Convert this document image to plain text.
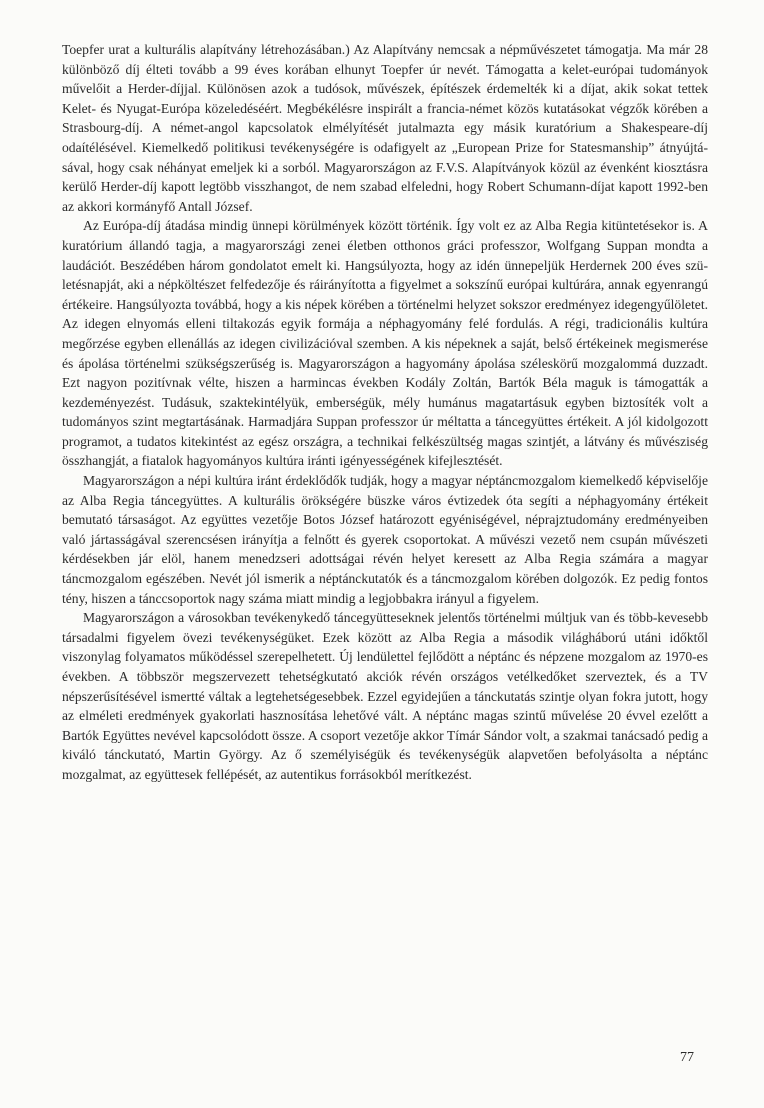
Toepfer urat a kulturális alapítvány létrehozásában.) Az Alapítvány nemcsak a népművészetet támogatja. Ma már 28 különböző díj élteti tovább a 99 éves korában elhunyt Toepfer úr nevét. Támogatta a kelet-európai tudományok művelőit a Herder-díjjal. Különösen azok a tudósok, művészek, építészek érdemelték ki a díjat, akik sokat tettek Kelet- és Nyugat-Európa közeledéséért. Megbékélésre inspirált a francia-német közös kutatásokat végzők körében a Strasbourg-díj. A német-angol kapcsolatok elmélyítését jutalmazta egy másik kuratórium a Shakespeare-díj odaítélésével. Kiemelkedő politikusi tevékenységére is odafigyelt az „European Prize for Statesmanship” átnyújtásával, hogy csak néhányat emeljek ki a sorból. Magyarországon az F.V.S. Alapítványok közül az évenként kiosztásra kerülő Herder-díj kapott legtöbb visszhangot, de nem szabad elfeledni, hogy Robert Schumann-díjat kapott 1992-ben az akkori kormányfő Antall József.

Az Európa-díj átadása mindig ünnepi körülmények között történik. Így volt ez az Alba Regia kitüntetésekor is. A kuratórium állandó tagja, a magyarországi zenei életben otthonos gráci professzor, Wolfgang Suppan mondta a laudációt. Beszédében három gondolatot emelt ki. Hangsúlyozta, hogy az idén ünnepeljük Herdernek 200 éves születésnapját, aki a népköltészet felfedezője és ráirányította a figyelmet a sokszínű európai kultúrára, annak egyenrangú értékeire. Hangsúlyozta továbbá, hogy a kis népek körében a történelmi helyzet sokszor eredményez idegengyűlöletet. Az idegen elnyomás elleni tiltakozás egyik formája a néphagyomány felé fordulás. A régi, tradicionális kultúra megőrzése egyben ellenállás az idegen civilizációval szemben. A kis népeknek a saját, belső értékeinek megismerése és ápolása történelmi szükségszerűség is. Magyarországon a hagyomány ápolása széleskörű mozgalommá duzzadt. Ezt nagyon pozitívnak vélte, hiszen a harmincas években Kodály Zoltán, Bartók Béla maguk is támogatták a kezdeményezést. Tudásuk, szaktekintélyük, emberségük, mély humánus magatartásuk egyben biztosíték volt a tudományos szint megtartásának. Harmadjára Suppan professzor úr méltatta a táncegyüttes értékeit. A jól kidolgozott programot, a tudatos kitekintést az egész országra, a technikai felkészültség magas szintjét, a látvány és művésziség összhangját, a fiatalok hagyományos kultúra iránti igényességének kifejlesztését.

Magyarországon a népi kultúra iránt érdeklődők tudják, hogy a magyar néptáncmozgalom kiemelkedő képviselője az Alba Regia táncegyüttes. A kulturális örökségére büszke város évtizedek óta segíti a néphagyomány értékeit bemutató társaságot. Az együttes vezetője Botos József határozott egyéniségével, néprajztudomány eredményeiben való jártasságával szerencsésen irányítja a felnőtt és gyerek csoportokat. A művészi vezető nem csupán művészeti kérdésekben jár elöl, hanem menedzseri adottságai révén helyet keresett az Alba Regia számára a magyar táncmozgalom egészében. Nevét jól ismerik a néptánckutatók és a táncmozgalom körében dolgozók. Ez pedig fontos tény, hiszen a tánccsoportok nagy száma miatt mindig a legjobbakra irányul a figyelem.

Magyarországon a városokban tevékenykedő táncegyütteseknek jelentős történelmi múltjuk van és több-kevesebb társadalmi figyelem övezi tevékenységüket. Ezek között az Alba Regia a második világháború utáni időktől viszonylag folyamatos működéssel szerepelhetett. Új lendülettel fejlődött a néptánc és népzene mozgalom az 1970-es években. A többször megszervezett tehetségkutató akciók révén országos vetélkedőket szerveztek, és a TV népszerűsítésével ismertté váltak a legtehetségesebbek. Ezzel egyidejűen a tánckutatás szintje olyan fokra jutott, hogy az elméleti eredmények gyakorlati hasznosítása lehetővé vált. A néptánc magas szintű művelése 20 évvel ezelőtt a Bartók Együttes nevével kapcsolódott össze. A csoport vezetője akkor Tímár Sándor volt, a szakmai tanácsadó pedig a kiváló tánckutató, Martin György. Az ő személyiségük és tevékenységük alapvetően befolyásolta a néptánc mozgalmat, az együttesek fellépését, az autentikus forrásokból merítkezést.

77
